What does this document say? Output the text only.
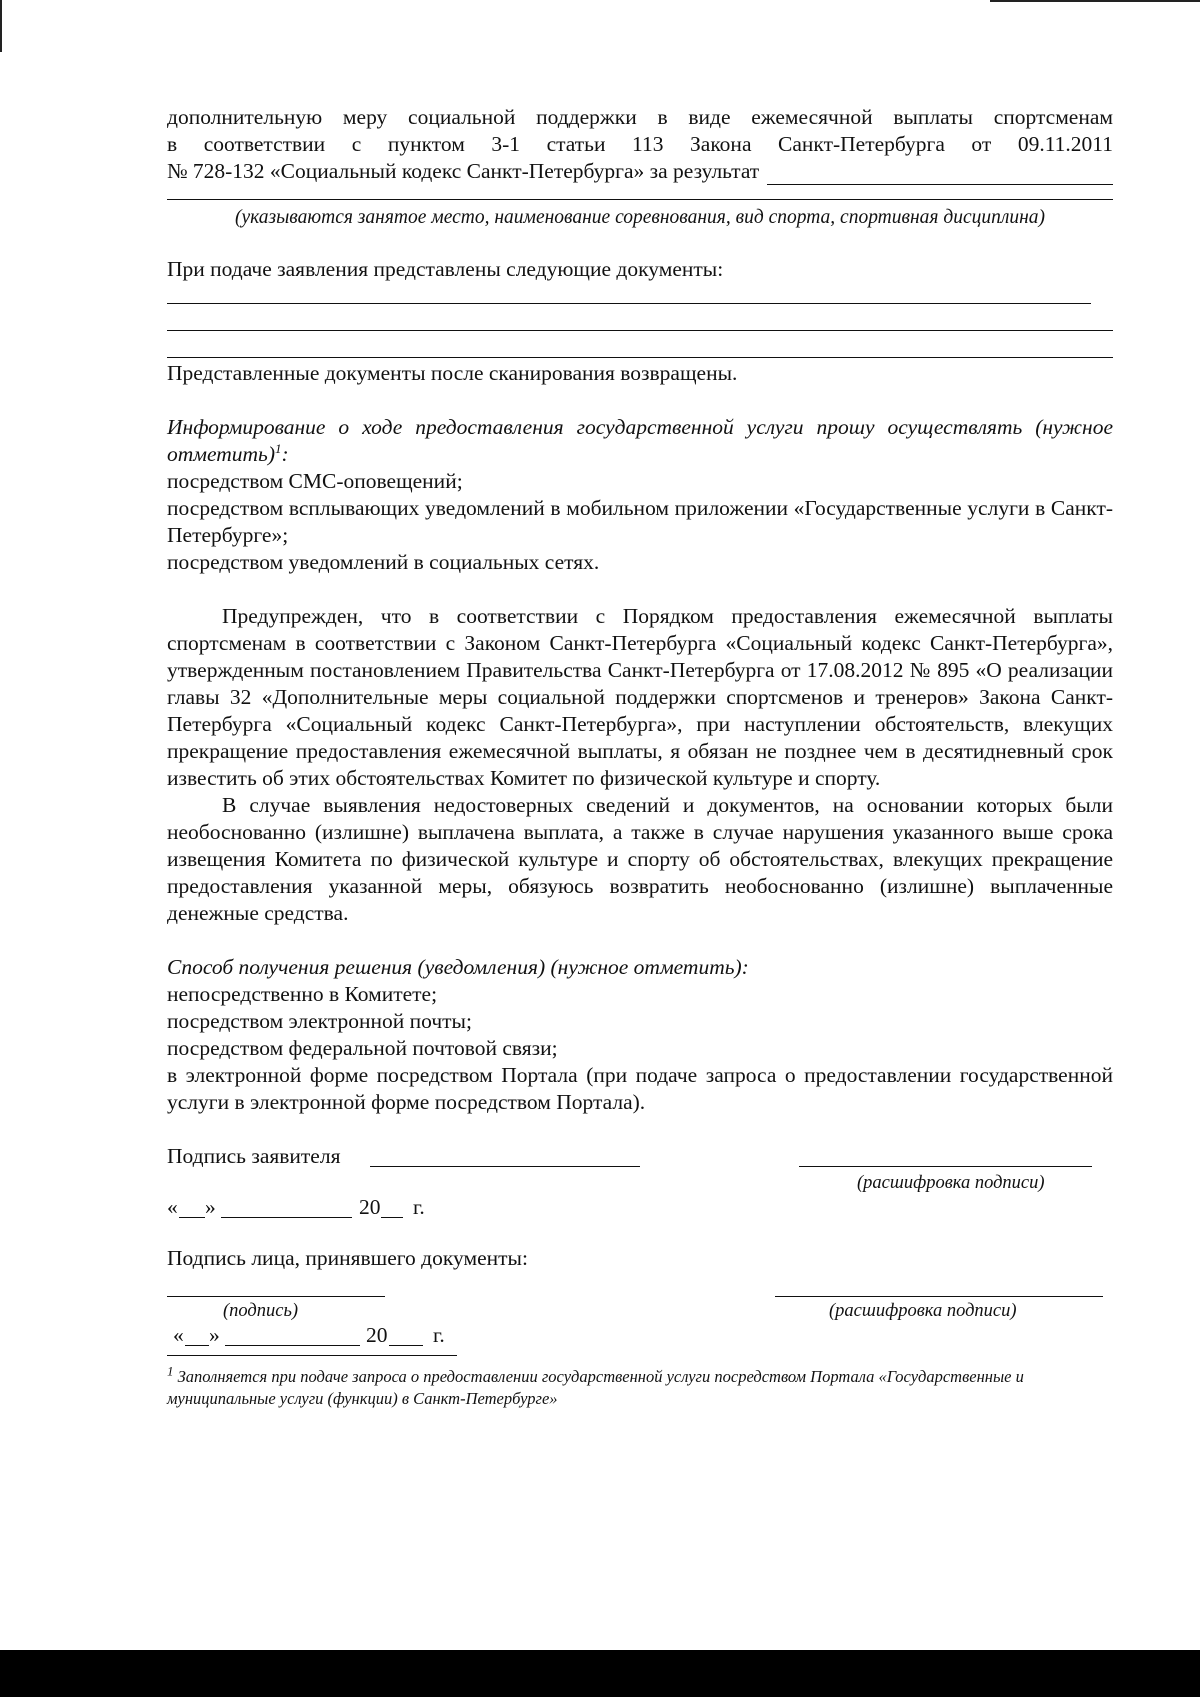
дополнительную меру социальной поддержки в виде ежемесячной выплаты спортсменам
в соответствии с пунктом 3-1 статьи 113 Закона Санкт-Петербурга от 09.11.2011
№ 728-132 «Социальный кодекс Санкт-Петербурга» за результат
(указываются занятое место, наименование соревнования, вид спорта, спортивная дисциплина)
При подаче заявления представлены следующие документы:
Представленные документы после сканирования возвращены.
Информирование о ходе предоставления государственной услуги прошу осуществлять (нужное отметить)$^1$:
посредством СМС-оповещений;
посредством всплывающих уведомлений в мобильном приложении «Государственные услуги в Санкт-Петербурге»;
посредством уведомлений в социальных сетях.
Предупрежден, что в соответствии с Порядком предоставления ежемесячной выплаты спортсменам в соответствии с Законом Санкт-Петербурга «Социальный кодекс Санкт-Петербурга», утвержденным постановлением Правительства Санкт-Петербурга от 17.08.2012 № 895 «О реализации главы 32 «Дополнительные меры социальной поддержки спортсменов и тренеров» Закона Санкт-Петербурга «Социальный кодекс Санкт-Петербурга», при наступлении обстоятельств, влекущих прекращение предоставления ежемесячной выплаты, я обязан не позднее чем в десятидневный срок известить об этих обстоятельствах Комитет по физической культуре и спорту.
В случае выявления недостоверных сведений и документов, на основании которых были необоснованно (излишне) выплачена выплата, а также в случае нарушения указанного выше срока извещения Комитета по физической культуре и спорту об обстоятельствах, влекущих прекращение предоставления указанной меры, обязуюсь возвратить необоснованно (излишне) выплаченные денежные средства.
Способ получения решения (уведомления) (нужное отметить):
непосредственно в Комитете;
посредством электронной почты;
посредством федеральной почтовой связи;
в электронной форме посредством Портала (при подаче запроса о предоставлении государственной услуги в электронной форме посредством Портала).
Подпись заявителя
(расшифровка подписи)
« »	20 г.
Подпись лица, принявшего документы:
(подпись)	(расшифровка подписи)
« »	20 г.
$^1$ Заполняется при подаче запроса о предоставлении государственной услуги посредством Портала «Государственные и муниципальные услуги (функции) в Санкт-Петербурге»
